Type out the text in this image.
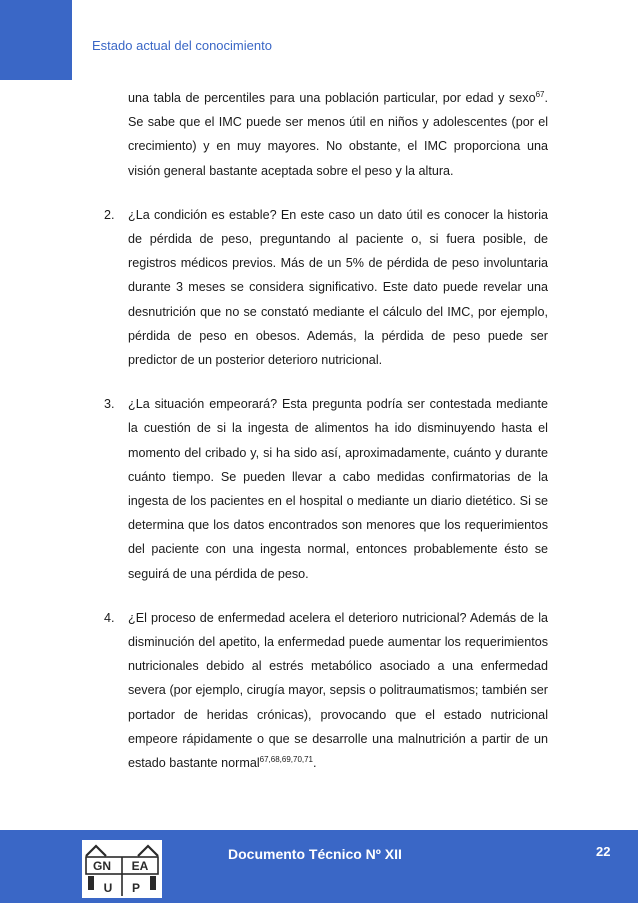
Estado actual del conocimiento

una tabla de percentiles para una población particular, por edad y sexo$^{67}$. Se sabe que el IMC puede ser menos útil en niños y adolescentes (por el crecimiento) y en muy mayores. No obstante, el IMC proporciona una visión general bastante aceptada sobre el peso y la altura.

2.	¿La condición es estable? En este caso un dato útil es conocer la historia de pérdida de peso, preguntando al paciente o, si fuera posible, de registros médicos previos. Más de un 5% de pérdida de peso involuntaria durante 3 meses se considera significativo. Este dato puede revelar una desnutrición que no se constató mediante el cálculo del IMC, por ejemplo, pérdida de peso en obesos. Además, la pérdida de peso puede ser predictor de un posterior deterioro nutricional.

3.	¿La situación empeorará? Esta pregunta podría ser contestada mediante la cuestión de si la ingesta de alimentos ha ido disminuyendo hasta el momento del cribado y, si ha sido así, aproximadamente, cuánto y durante cuánto tiempo. Se pueden llevar a cabo medidas confirmatorias de la ingesta de los pacientes en el hospital o mediante un diario dietético. Si se determina que los datos encontrados son menores que los requerimientos del paciente con una ingesta normal, entonces probablemente ésto se seguirá de una pérdida de peso.

4.	¿El proceso de enfermedad acelera el deterioro nutricional? Además de la disminución del apetito, la enfermedad puede aumentar los requerimientos nutricionales debido al estrés metabólico asociado a una enfermedad severa (por ejemplo, cirugía mayor, sepsis o politraumatismos; también ser portador de heridas crónicas), provocando que el estado nutricional empeore rápidamente o que se desarrolle una malnutrición a partir de un estado bastante normal$^{67,68,69,70,71}$.

GN EA
U P
Documento Técnico Nº XII	22
